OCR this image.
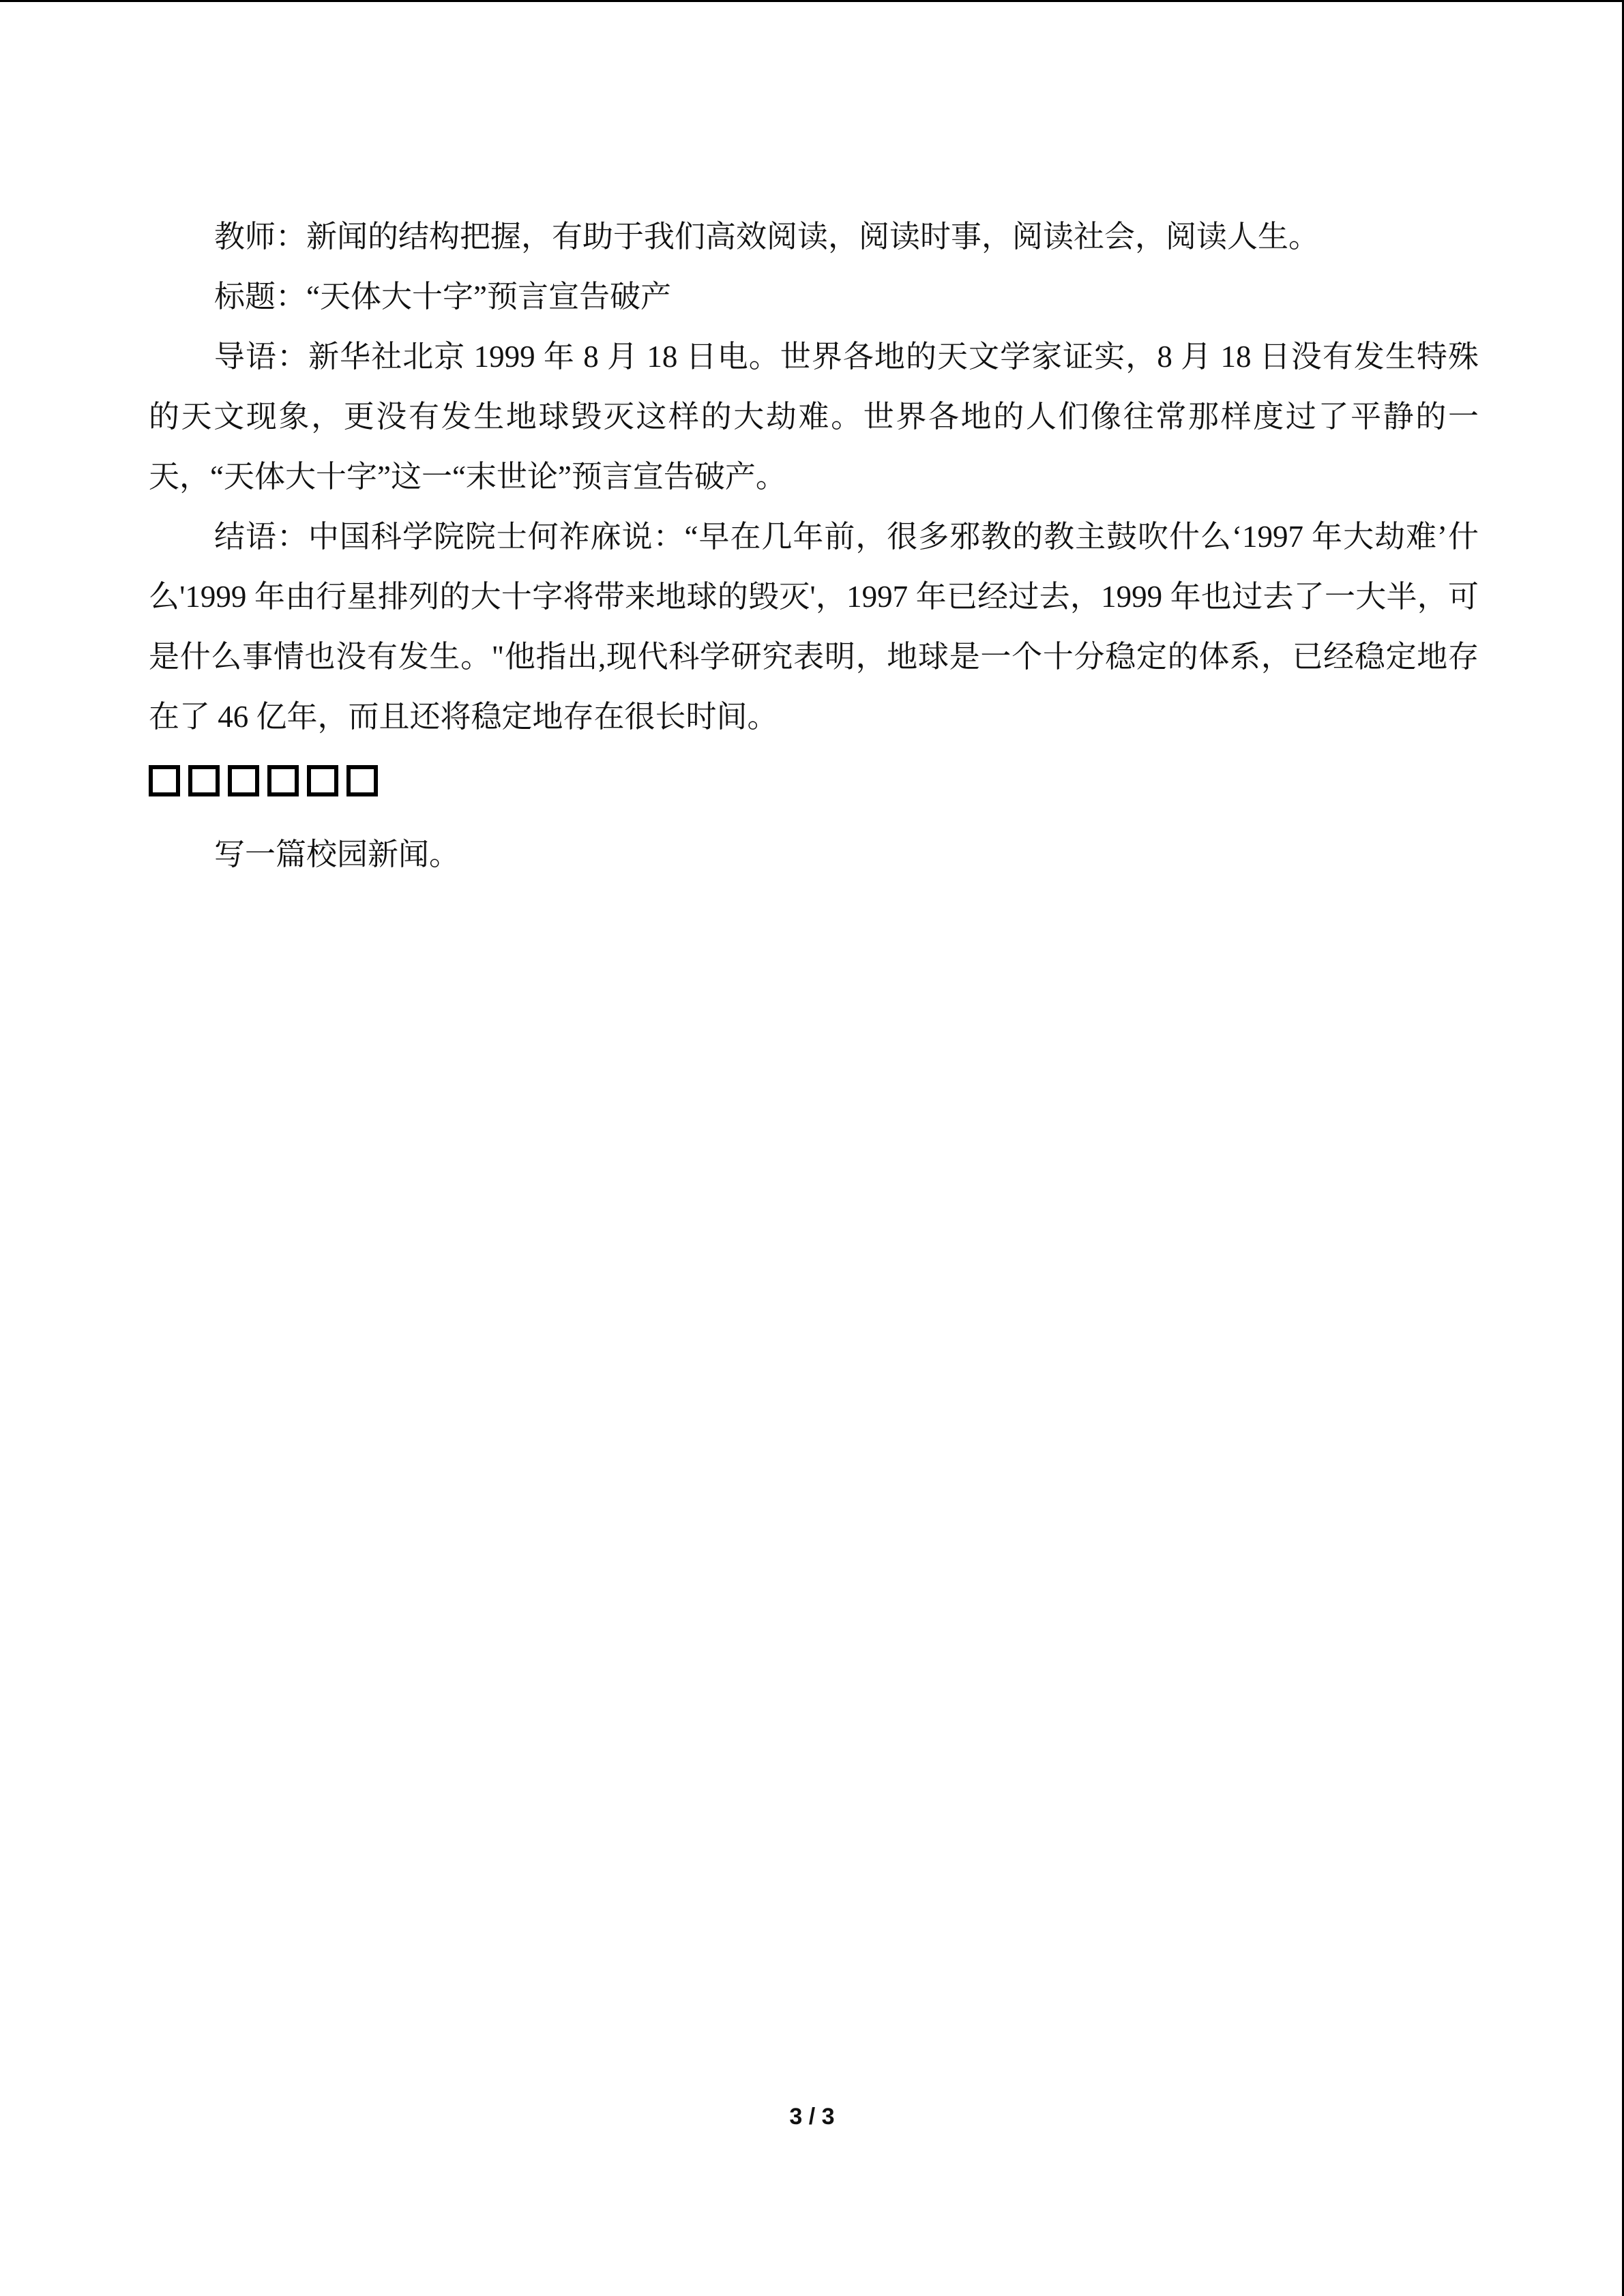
教师：新闻的结构把握，有助于我们高效阅读，阅读时事，阅读社会，阅读人生。

标题：“天体大十字”预言宣告破产

导语：新华社北京 1999 年 8 月 18 日电。世界各地的天文学家证实，8 月 18 日没有发生特殊的天文现象，更没有发生地球毁灭这样的大劫难。世界各地的人们像往常那样度过了平静的一天，“天体大十字”这一“末世论”预言宣告破产。

结语：中国科学院院士何祚庥说：“早在几年前，很多邪教的教主鼓吹什么‘1997 年大劫难’什么'1999 年由行星排列的大十字将带来地球的毁灭'，1997 年已经过去，1999 年也过去了一大半，可是什么事情也没有发生。"他指出,现代科学研究表明，地球是一个十分稳定的体系，已经稳定地存在了 46 亿年，而且还将稳定地存在很长时间。

写一篇校园新闻。

3 / 3
